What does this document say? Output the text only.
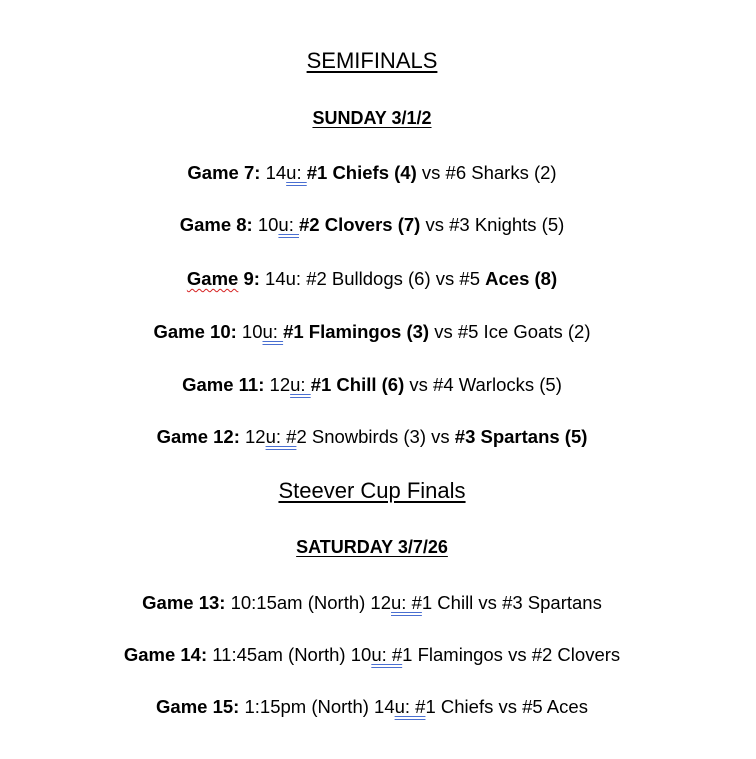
SEMIFINALS
SUNDAY 3/1/2
Game 7: 14u: #1 Chiefs (4) vs #6 Sharks (2)
Game 8: 10u: #2 Clovers (7) vs #3 Knights (5)
Game 9: 14u: #2 Bulldogs (6) vs #5 Aces (8)
Game 10: 10u: #1 Flamingos (3) vs #5 Ice Goats (2)
Game 11: 12u: #1 Chill (6) vs #4 Warlocks (5)
Game 12: 12u: #2 Snowbirds (3) vs #3 Spartans (5)
Steever Cup Finals
SATURDAY 3/7/26
Game 13: 10:15am (North) 12u: #1 Chill vs #3 Spartans
Game 14: 11:45am (North) 10u: #1 Flamingos vs #2 Clovers
Game 15: 1:15pm (North) 14u: #1 Chiefs vs #5 Aces
